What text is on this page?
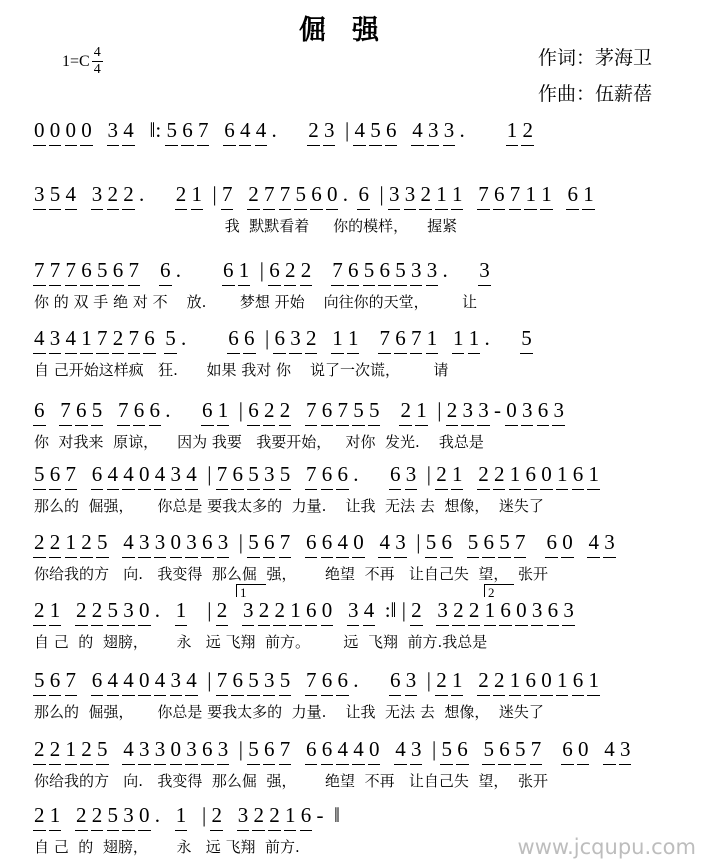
倔强
$1=C \frac{4}{4}$	作词：茅海卫
作曲：伍薪蓓
0 0 0 0 3 4   ‖: 5 6 7 6 4 4 .      2 3  | 4 5 6 4 3 3 .        1 2
3 5 4 3 2 2 .      2 1  | 7 2 7 7 5 6 0 .  6  | 3 3 2 1 1 7 6 7 1 1 6 1
我  默默看着     你的模样，    握紧
7 7 7 6 5 6 7 6 .        6 1  | 6 2 2 7 6 5 6 5 3 3 .      3
你 的 双 手 绝 对 不    放.       梦想 开始    向往你的天堂，       让
4 3 4 1 7 2 7 6 5 .        6 6  | 6 3 2 1 1 7 6 7 1 1 1 .      5
自 己开始这样疯   狂.      如果 我对 你    说了一次谎，       请
6 7 6 5 7 6 6 .      6 1  | 6 2 2 7 6 7 5 5 2 1  | 2 3 3 - 0 3 6 3
你  对我来  原谅，    因为 我要   我要开始，   对你  发光.    我总是
5 6 7 6 4 4 0 4 3 4  | 7 6 5 3 5 7 6 6 .      6 3  | 2 1 2 2 1 6 0 1 6 1
那么的  倔强，     你总是 要我太多的  力量.    让我  无法 去  想像，  迷失了
2 2 1 2 5 4 3 3 0 3 6 3  | 5 6 7 6 6 4 0 4 3  | 5 6 5 6 5 7 6 0 4 3
你给我的方   向.   我变得  那么倔  强，      绝望  不再   让自己失  望，  张开
1	2
2 1 2 2 5 3 0 .   1    | 2 3 2 2 1 6 0 3 4  :‖ | 2 3 2 2 1 6 0 3 6 3
自 己  的  翅膀，      永   远 飞翔  前方。       远  飞翔  前方.我总是
5 6 7 6 4 4 0 4 3 4  | 7 6 5 3 5 7 6 6 .      6 3  | 2 1 2 2 1 6 0 1 6 1
那么的  倔强，     你总是 要我太多的  力量.    让我  无法 去  想像，  迷失了
2 2 1 2 5 4 3 3 0 3 6 3  | 5 6 7 6 6 4 4 0 4 3  | 5 6 5 6 5 7 6 0 4 3
你给我的方   向.   我变得  那么倔  强，      绝望  不再   让自己失  望，  张开
2 1 2 2 5 3 0 .   1   | 2 3 2 2 1 6 -  ‖
自 己  的  翅膀，      永   远 飞翔  前方.	www.jcqupu.com
